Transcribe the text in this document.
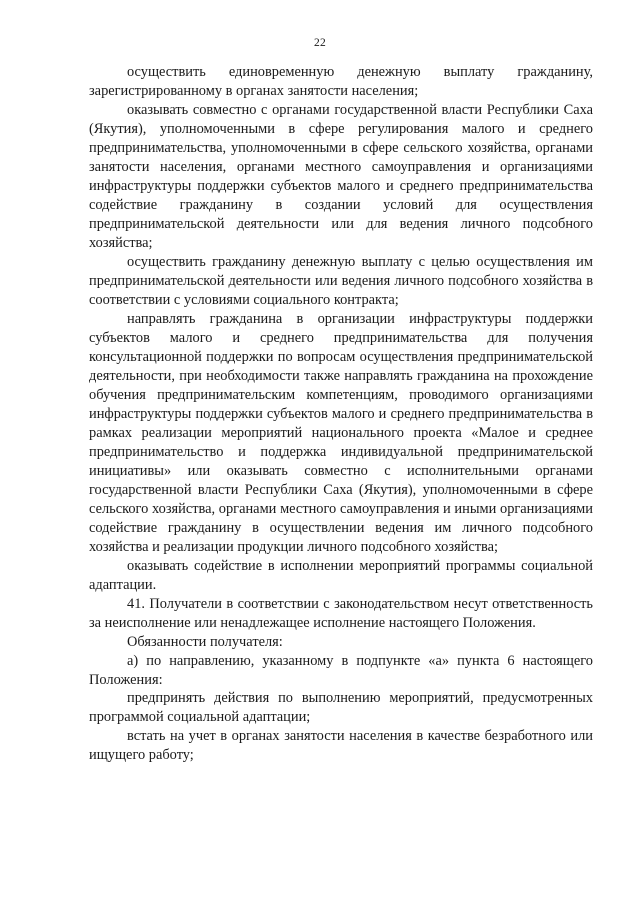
22

осуществить единовременную денежную выплату гражданину, зарегистрированному в органах занятости населения;

оказывать совместно с органами государственной власти Республики Саха (Якутия), уполномоченными в сфере регулирования малого и среднего предпринимательства, уполномоченными в сфере сельского хозяйства, органами занятости населения, органами местного самоуправления и организациями инфраструктуры поддержки субъектов малого и среднего предпринимательства содействие гражданину в создании условий для осуществления предпринимательской деятельности или для ведения личного подсобного хозяйства;

осуществить гражданину денежную выплату с целью осуществления им предпринимательской деятельности или ведения личного подсобного хозяйства в соответствии с условиями социального контракта;

направлять гражданина в организации инфраструктуры поддержки субъектов малого и среднего предпринимательства для получения консультационной поддержки по вопросам осуществления предпринимательской деятельности, при необходимости также направлять гражданина на прохождение обучения предпринимательским компетенциям, проводимого организациями инфраструктуры поддержки субъектов малого и среднего предпринимательства в рамках реализации мероприятий национального проекта «Малое и среднее предпринимательство и поддержка индивидуальной предпринимательской инициативы» или оказывать совместно с исполнительными органами государственной власти Республики Саха (Якутия), уполномоченными в сфере сельского хозяйства, органами местного самоуправления и иными организациями содействие гражданину в осуществлении ведения им личного подсобного хозяйства и реализации продукции личного подсобного хозяйства;

оказывать содействие в исполнении мероприятий программы социальной адаптации.

41. Получатели в соответствии с законодательством несут ответственность за неисполнение или ненадлежащее исполнение настоящего Положения.

Обязанности получателя:

а) по направлению, указанному в подпункте «а» пункта 6 настоящего Положения:

предпринять действия по выполнению мероприятий, предусмотренных программой социальной адаптации;

встать на учет в органах занятости населения в качестве безработного или ищущего работу;
